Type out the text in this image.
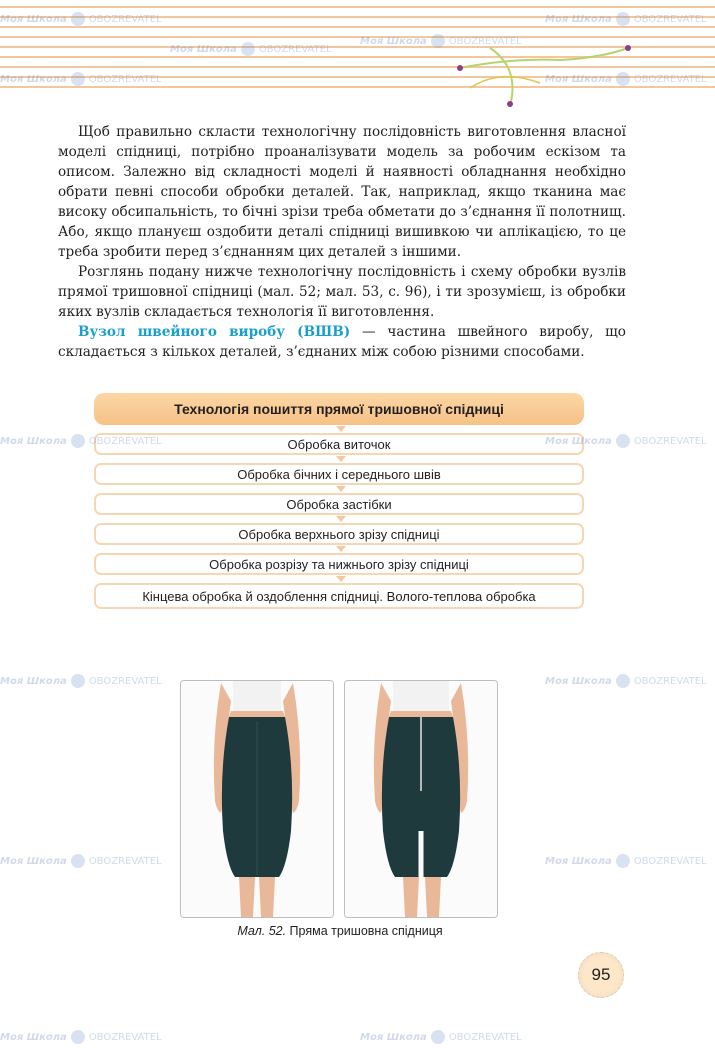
Щоб правильно скласти технологічну послідовність виготовлення власної моделі спідниці, потрібно проаналізувати модель за робочим ескізом та описом. Залежно від складності моделі й наявності обладнання необхідно обрати певні способи обробки деталей. Так, наприклад, якщо тканина має високу обсипальність, то бічні зрізи треба обметати до з’єднання її полотнищ. Або, якщо плануєш оздобити деталі спідниці вишивкою чи аплікацією, то це треба зробити перед з’єднанням цих деталей з іншими.

Розглянь подану нижче технологічну послідовність і схему обробки вузлів прямої тришовної спідниці (мал. 52; мал. 53, с. 96), і ти зрозумієш, із обробки яких вузлів складається технологія її виготовлення.

Вузол швейного виробу (ВШВ) — частина швейного виробу, що складається з кількох деталей, з’єднаних між собою різними способами.

Технологія пошиття прямої тришовної спідниці
Обробка виточок
Обробка бічних і середнього швів
Обробка застібки
Обробка верхнього зрізу спідниці
Обробка розрізу та нижнього зрізу спідниці
Кінцева обробка й оздоблення спідниці. Волого-теплова обробка
Мал. 52. Пряма тришовна спідниця
95
Моя Школа OBOZREVATEL
Моя Школа OBOZREVATEL
Моя Школа OBOZREVATEL
Моя Школа OBOZREVATEL
Моя Школа OBOZREVATEL	Моя Школа OBOZREVATEL
Моя Школа OBOZREVATEL	Моя Школа OBOZREVATEL
Моя Школа OBOZREVATEL	Моя Школа OBOZREVATEL
Моя Школа OBOZREVATEL	Моя Школа OBOZREVATEL
Моя Школа OBOZREVATEL	Моя Школа OBOZREVATEL
